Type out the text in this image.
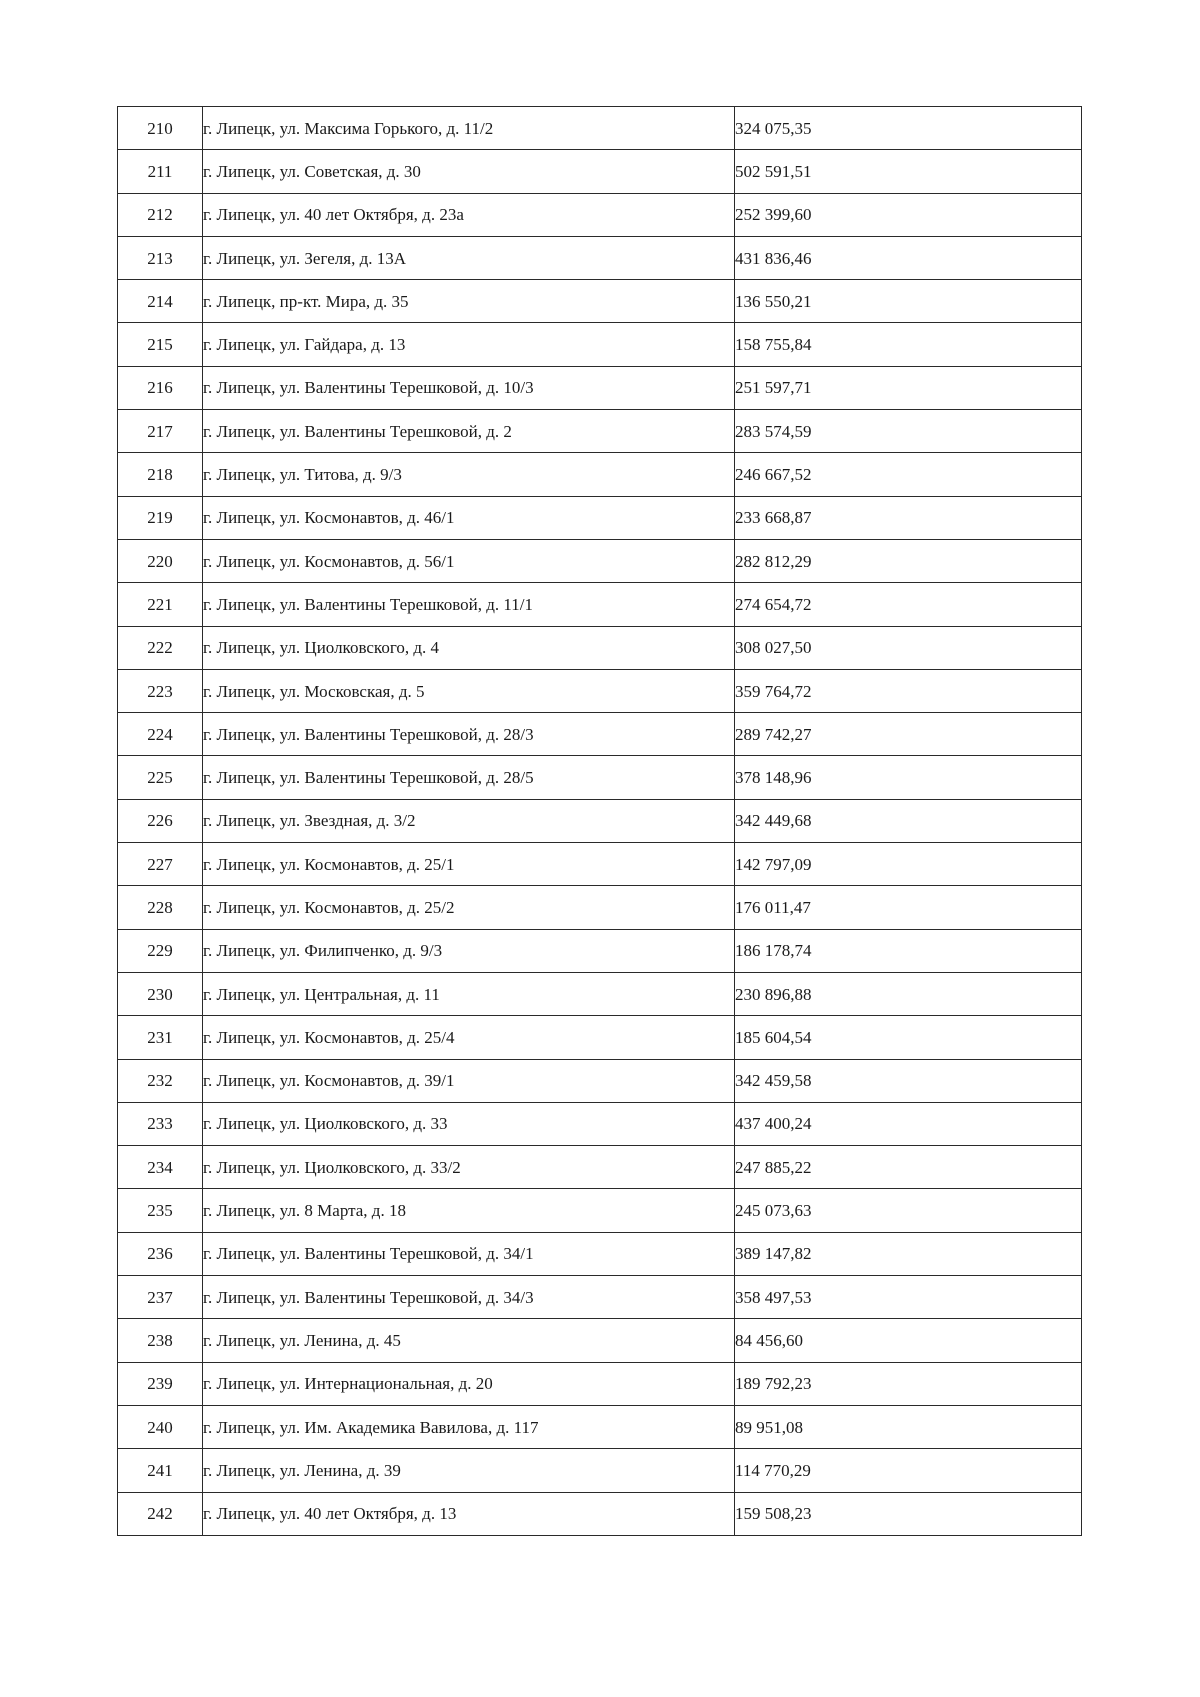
210	г. Липецк, ул. Максима Горького, д. 11/2	324 075,35
211	г. Липецк, ул. Советская, д. 30	502 591,51
212	г. Липецк, ул. 40 лет Октября, д. 23а	252 399,60
213	г. Липецк, ул. Зегеля, д. 13А	431 836,46
214	г. Липецк, пр-кт. Мира, д. 35	136 550,21
215	г. Липецк, ул. Гайдара, д. 13	158 755,84
216	г. Липецк, ул. Валентины Терешковой, д. 10/3	251 597,71
217	г. Липецк, ул. Валентины Терешковой, д. 2	283 574,59
218	г. Липецк, ул. Титова, д. 9/3	246 667,52
219	г. Липецк, ул. Космонавтов, д. 46/1	233 668,87
220	г. Липецк, ул. Космонавтов, д. 56/1	282 812,29
221	г. Липецк, ул. Валентины Терешковой, д. 11/1	274 654,72
222	г. Липецк, ул. Циолковского, д. 4	308 027,50
223	г. Липецк, ул. Московская, д. 5	359 764,72
224	г. Липецк, ул. Валентины Терешковой, д. 28/3	289 742,27
225	г. Липецк, ул. Валентины Терешковой, д. 28/5	378 148,96
226	г. Липецк, ул. Звездная, д. 3/2	342 449,68
227	г. Липецк, ул. Космонавтов, д. 25/1	142 797,09
228	г. Липецк, ул. Космонавтов, д. 25/2	176 011,47
229	г. Липецк, ул. Филипченко, д. 9/3	186 178,74
230	г. Липецк, ул. Центральная, д. 11	230 896,88
231	г. Липецк, ул. Космонавтов, д. 25/4	185 604,54
232	г. Липецк, ул. Космонавтов, д. 39/1	342 459,58
233	г. Липецк, ул. Циолковского, д. 33	437 400,24
234	г. Липецк, ул. Циолковского, д. 33/2	247 885,22
235	г. Липецк, ул. 8 Марта, д. 18	245 073,63
236	г. Липецк, ул. Валентины Терешковой, д. 34/1	389 147,82
237	г. Липецк, ул. Валентины Терешковой, д. 34/3	358 497,53
238	г. Липецк, ул. Ленина, д. 45	84 456,60
239	г. Липецк, ул. Интернациональная, д. 20	189 792,23
240	г. Липецк, ул. Им. Академика Вавилова, д. 117	89 951,08
241	г. Липецк, ул. Ленина, д. 39	114 770,29
242	г. Липецк, ул. 40 лет Октября, д. 13	159 508,23
